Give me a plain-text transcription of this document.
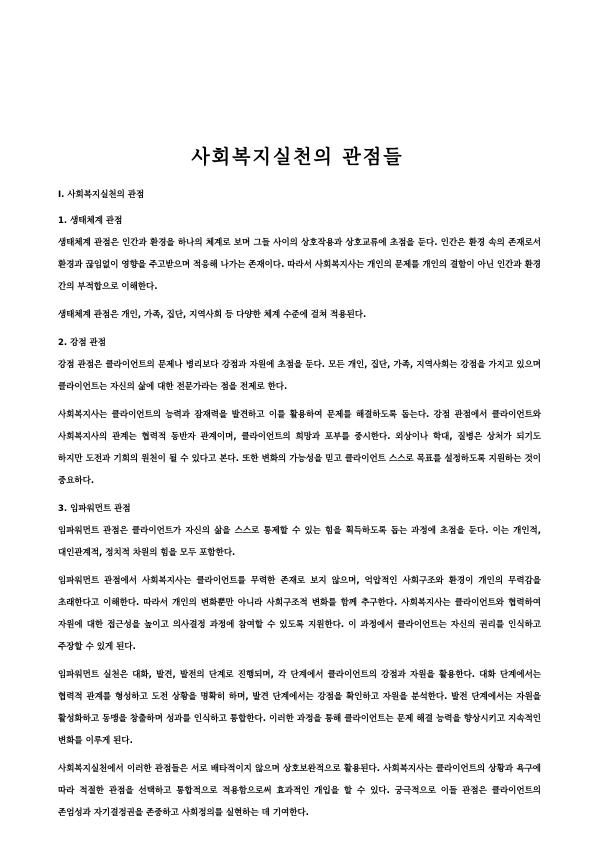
사회복지실천의 관점들
Ⅰ. 사회복지실천의 관점
1. 생태체계 관점

생태체계 관점은 인간과 환경을 하나의 체계로 보며 그들 사이의 상호작용과 상호교류에 초점을 둔다. 인간은 환경 속의 존재로서 환경과 끊임없이 영향을 주고받으며 적응해 나가는 존재이다. 따라서 사회복지사는 개인의 문제를 개인의 결함이 아닌 인간과 환경 간의 부적합으로 이해한다.

생태체계 관점은 개인, 가족, 집단, 지역사회 등 다양한 체계 수준에 걸쳐 적용된다.

2. 강점 관점

강점 관점은 클라이언트의 문제나 병리보다 강점과 자원에 초점을 둔다. 모든 개인, 집단, 가족, 지역사회는 강점을 가지고 있으며 클라이언트는 자신의 삶에 대한 전문가라는 점을 전제로 한다.

사회복지사는 클라이언트의 능력과 잠재력을 발견하고 이를 활용하여 문제를 해결하도록 돕는다. 강점 관점에서 클라이언트와 사회복지사의 관계는 협력적 동반자 관계이며, 클라이언트의 희망과 포부를 중시한다. 외상이나 학대, 질병은 상처가 되기도 하지만 도전과 기회의 원천이 될 수 있다고 본다. 또한 변화의 가능성을 믿고 클라이언트 스스로 목표를 설정하도록 지원하는 것이 중요하다.

3. 임파워먼트 관점

임파워먼트 관점은 클라이언트가 자신의 삶을 스스로 통제할 수 있는 힘을 획득하도록 돕는 과정에 초점을 둔다. 이는 개인적, 대인관계적, 정치적 차원의 힘을 모두 포함한다.

임파워먼트 관점에서 사회복지사는 클라이언트를 무력한 존재로 보지 않으며, 억압적인 사회구조와 환경이 개인의 무력감을 초래한다고 이해한다. 따라서 개인의 변화뿐만 아니라 사회구조적 변화를 함께 추구한다. 사회복지사는 클라이언트와 협력하여 자원에 대한 접근성을 높이고 의사결정 과정에 참여할 수 있도록 지원한다. 이 과정에서 클라이언트는 자신의 권리를 인식하고 주장할 수 있게 된다.

임파워먼트 실천은 대화, 발견, 발전의 단계로 진행되며, 각 단계에서 클라이언트의 강점과 자원을 활용한다. 대화 단계에서는 협력적 관계를 형성하고 도전 상황을 명확히 하며, 발견 단계에서는 강점을 확인하고 자원을 분석한다. 발전 단계에서는 자원을 활성화하고 동맹을 창출하며 성과를 인식하고 통합한다. 이러한 과정을 통해 클라이언트는 문제 해결 능력을 향상시키고 지속적인 변화를 이루게 된다.

사회복지실천에서 이러한 관점들은 서로 배타적이지 않으며 상호보완적으로 활용된다. 사회복지사는 클라이언트의 상황과 욕구에 따라 적절한 관점을 선택하고 통합적으로 적용함으로써 효과적인 개입을 할 수 있다. 궁극적으로 이들 관점은 클라이언트의 존엄성과 자기결정권을 존중하고 사회정의를 실현하는 데 기여한다.
